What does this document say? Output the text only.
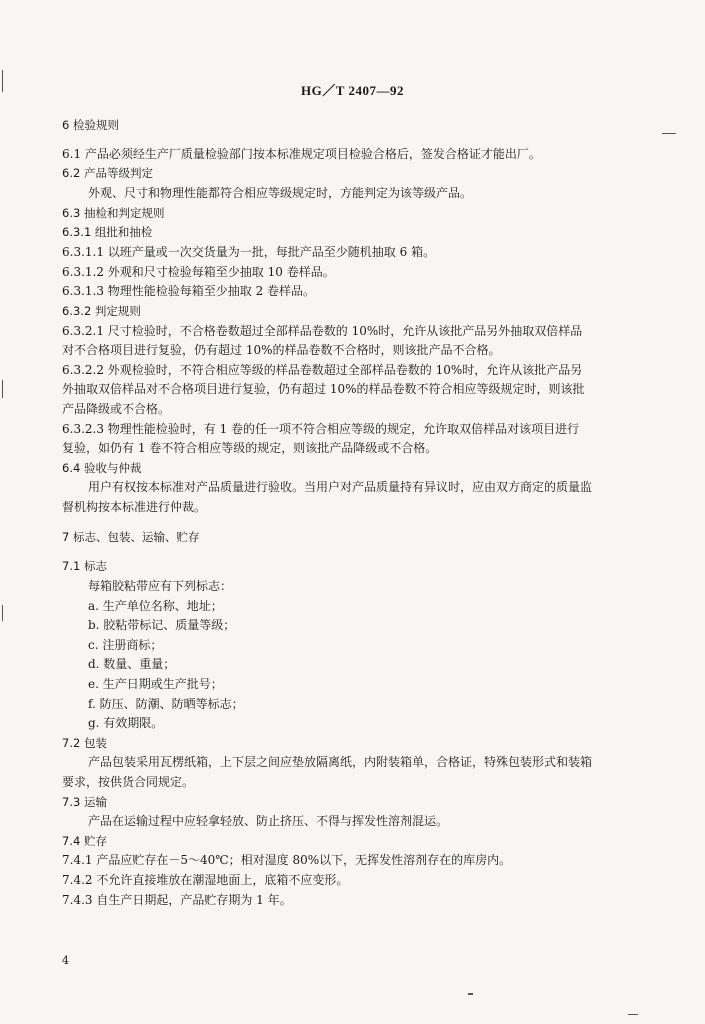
HG／T 2407—92
6 检验规则
6.1 产品必须经生产厂质量检验部门按本标准规定项目检验合格后，签发合格证才能出厂。
6.2 产品等级判定
外观、尺寸和物理性能都符合相应等级规定时，方能判定为该等级产品。
6.3 抽检和判定规则
6.3.1 组批和抽检
6.3.1.1 以班产量或一次交货量为一批，每批产品至少随机抽取 6 箱。
6.3.1.2 外观和尺寸检验每箱至少抽取 10 卷样品。
6.3.1.3 物理性能检验每箱至少抽取 2 卷样品。
6.3.2 判定规则
6.3.2.1 尺寸检验时，不合格卷数超过全部样品卷数的 10%时，允许从该批产品另外抽取双倍样品
对不合格项目进行复验，仍有超过 10%的样品卷数不合格时，则该批产品不合格。
6.3.2.2 外观检验时，不符合相应等级的样品卷数超过全部样品卷数的 10%时，允许从该批产品另
外抽取双倍样品对不合格项目进行复验，仍有超过 10%的样品卷数不符合相应等级规定时，则该批
产品降级或不合格。
6.3.2.3 物理性能检验时，有 1 卷的任一项不符合相应等级的规定，允许取双倍样品对该项目进行
复验，如仍有 1 卷不符合相应等级的规定，则该批产品降级或不合格。
6.4 验收与仲裁
用户有权按本标准对产品质量进行验收。当用户对产品质量持有异议时，应由双方商定的质量监
督机构按本标准进行仲裁。
7 标志、包装、运输、贮存
7.1 标志
每箱胶粘带应有下列标志：
a. 生产单位名称、地址；
b. 胶粘带标记、质量等级；
c. 注册商标；
d. 数量、重量；
e. 生产日期或生产批号；
f. 防压、防潮、防晒等标志；
g. 有效期限。
7.2 包装
产品包装采用瓦楞纸箱，上下层之间应垫放隔离纸，内附装箱单，合格证，特殊包装形式和装箱
要求，按供货合同规定。
7.3 运输
产品在运输过程中应轻拿轻放、防止挤压、不得与挥发性溶剂混运。
7.4 贮存
7.4.1 产品应贮存在－5～40℃；相对湿度 80%以下，无挥发性溶剂存在的库房内。
7.4.2 不允许直接堆放在潮湿地面上，底箱不应变形。
7.4.3 自生产日期起，产品贮存期为 1 年。
4
